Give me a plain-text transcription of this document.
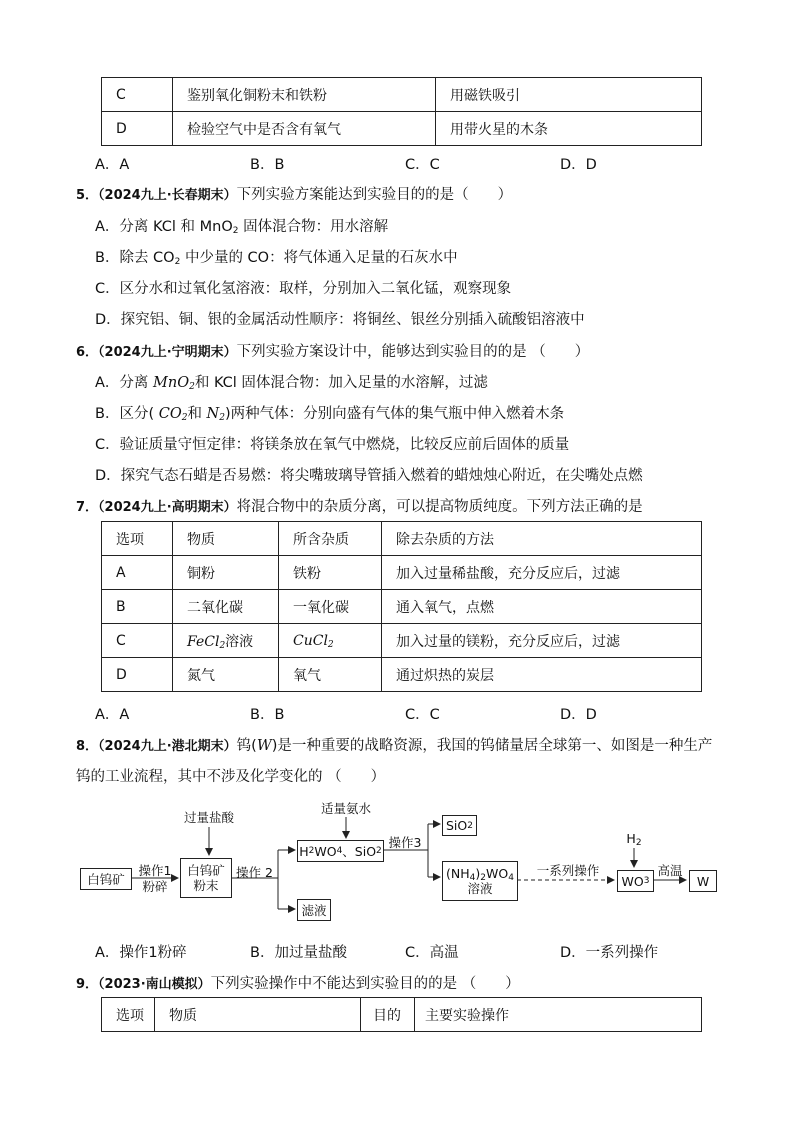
C	鉴别氧化铜粉末和铁粉	用磁铁吸引
D	检验空气中是否含有氧气	用带火星的木条
A．A	B．B	C．C	D．D
5．（2024九上·长春期末）下列实验方案能达到实验目的的是（　　）
A．分离 KCl 和 MnO$_2$ 固体混合物：用水溶解
B．除去 $CO_2$ 中少量的 CO：将气体通入足量的石灰水中
C．区分水和过氧化氢溶液：取样，分别加入二氧化锰，观察现象
D．探究铝、铜、银的金属活动性顺序：将铜丝、银丝分别插入硫酸铝溶液中
6．（2024九上·宁明期末）下列实验方案设计中，能够达到实验目的的是 （　　）
A．分离 MnO$_2$和 KCl 固体混合物：加入足量的水溶解，过滤
B．区分( $CO_2$和 $N_2$)两种气体：分别向盛有气体的集气瓶中伸入燃着木条
C．验证质量守恒定律：将镁条放在氧气中燃烧，比较反应前后固体的质量
D．探究气态石蜡是否易燃：将尖嘴玻璃导管插入燃着的蜡烛烛心附近，在尖嘴处点燃
7．（2024九上·高明期末）将混合物中的杂质分离，可以提高物质纯度。下列方法正确的是
选项	物质	所含杂质	除去杂质的方法
A	铜粉	铁粉	加入过量稀盐酸，充分反应后，过滤
B	二氧化碳	一氧化碳	通入氧气，点燃
C	FeCl$_2$溶液	CuCl$_2$	加入过量的镁粉，充分反应后，过滤
D	氮气	氧气	通过炽热的炭层
A．A	B．B	C．C	D．D
8．（2024九上·港北期末）钨(W)是一种重要的战略资源，我国的钨储量居全球第一、如图是一种生产
钨的工业流程，其中不涉及化学变化的 （　　）
白钨矿
操作1
粉碎
过量盐酸
白钨矿
粉末
操作 2
适量氨水
H 2 WO 4 、SiO 2
滤液
操作3
SiO 2
$(NH_4)_2WO_4$
溶液
一系列操作
$H_2$
WO 3
高温
W
A．操作1粉碎	B．加过量盐酸	C．高温	D．一系列操作
9．（2023·南山模拟）下列实验操作中不能达到实验目的的是 （　　）
选项	物质	目的	主要实验操作
